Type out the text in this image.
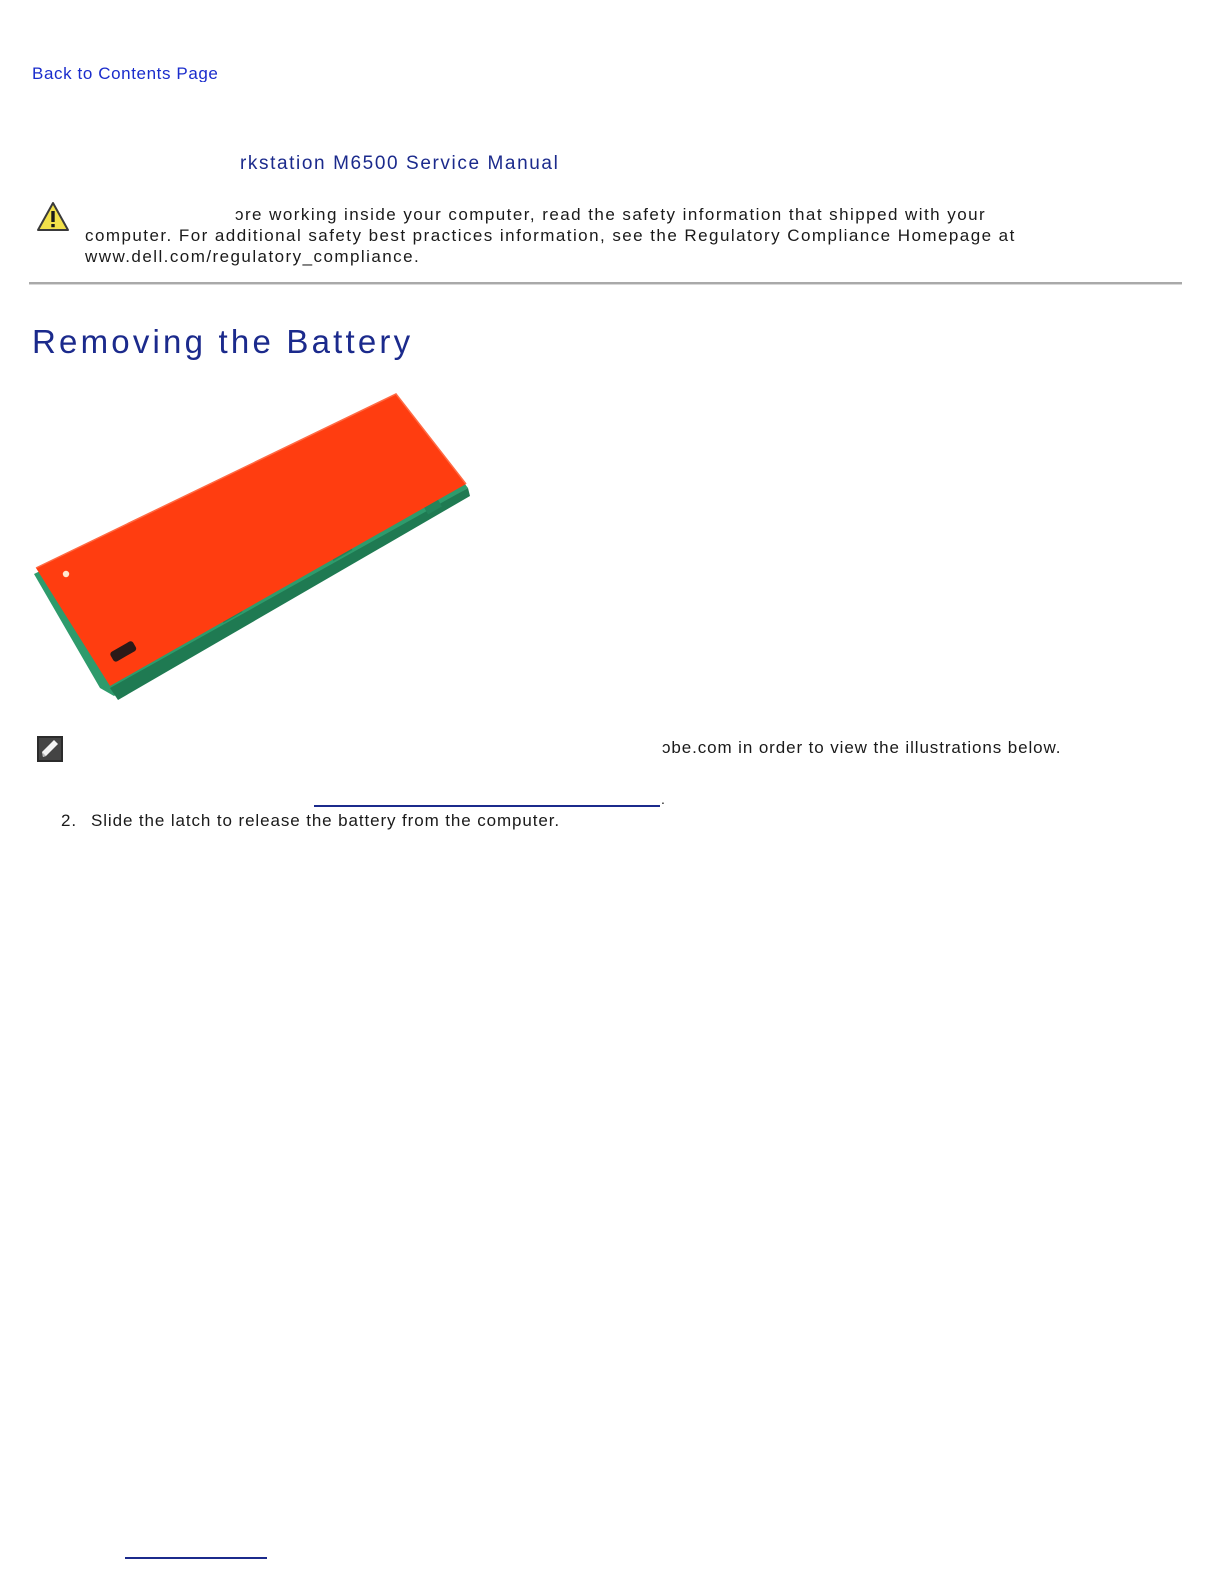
Back to Contents Page
rkstation M6500 Service Manual
ɔre working inside your computer, read the safety information that shipped with your
computer. For additional safety best practices information, see the Regulatory Compliance Homepage at
www.dell.com/regulatory_compliance.
Removing the Battery
ɔbe.com in order to view the illustrations below.
.
2. Slide the latch to release the battery from the computer.
